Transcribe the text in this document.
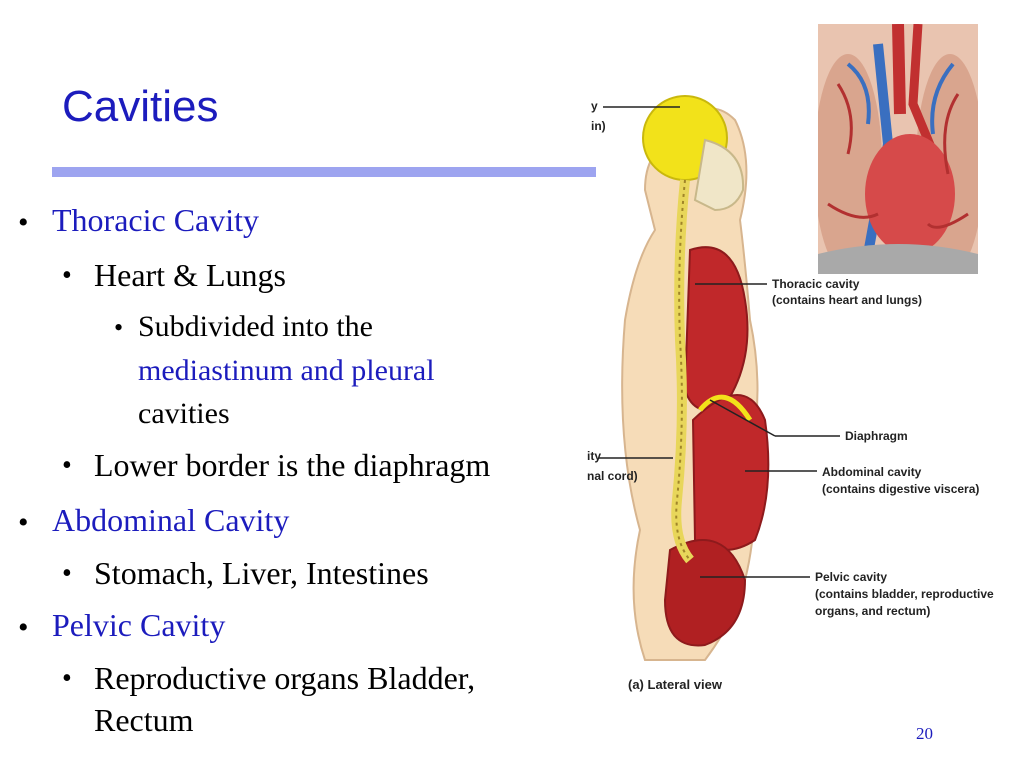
Cavities
• Thoracic Cavity
• Heart & Lungs
• Subdivided into the
mediastinum and pleural
cavities
• Lower border is the diaphragm
• Abdominal Cavity
• Stomach, Liver, Intestines
• Pelvic Cavity
• Reproductive organs Bladder,
Rectum
y
in)
Thoracic cavity
(contains heart and lungs)
Diaphragm
ity
nal cord)	Abdominal cavity
(contains digestive viscera)
Pelvic cavity
(contains bladder, reproductive
organs, and rectum)
(a) Lateral view
20
